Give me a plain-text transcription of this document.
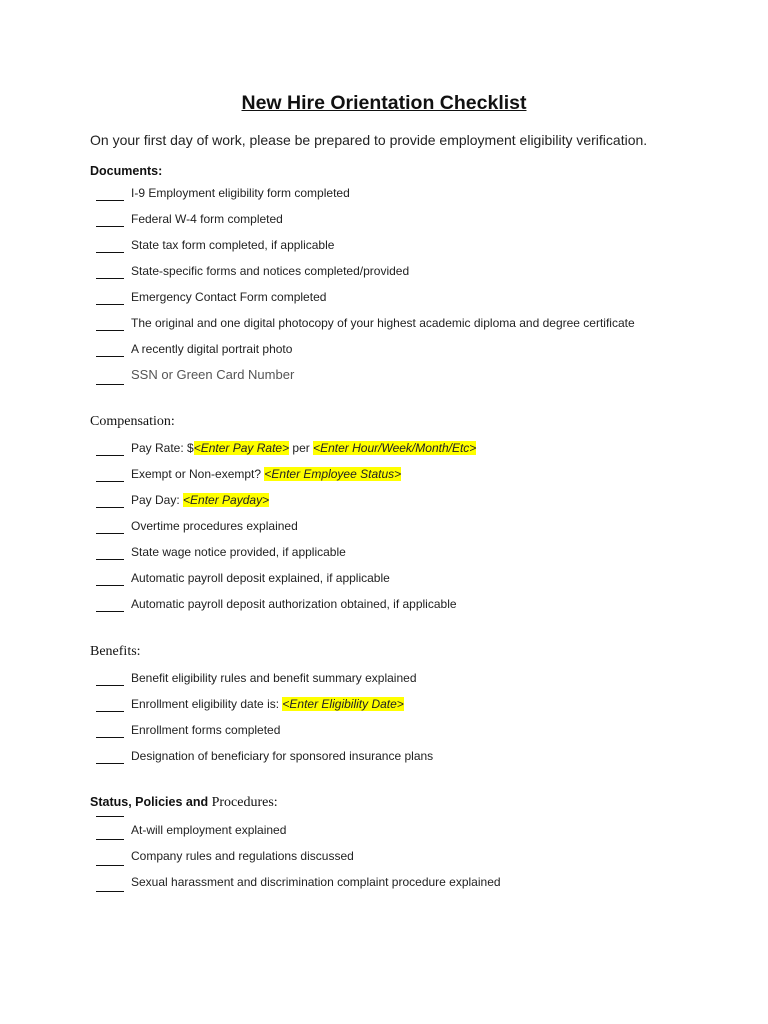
New Hire Orientation Checklist
On your first day of work, please be prepared to provide employment eligibility verification.
Documents:
I-9 Employment eligibility form completed
Federal W-4 form completed
State tax form completed, if applicable
State-specific forms and notices completed/provided
Emergency Contact Form completed
The original and one digital photocopy of your highest academic diploma and degree certificate
A recently digital portrait photo
SSN or Green Card Number
Compensation:
Pay Rate: $<Enter Pay Rate> per <Enter Hour/Week/Month/Etc>
Exempt or Non-exempt? <Enter Employee Status>
Pay Day: <Enter Payday>
Overtime procedures explained
State wage notice provided, if applicable
Automatic payroll deposit explained, if applicable
Automatic payroll deposit authorization obtained, if applicable
Benefits:
Benefit eligibility rules and benefit summary explained
Enrollment eligibility date is: <Enter Eligibility Date>
Enrollment forms completed
Designation of beneficiary for sponsored insurance plans
Status, Policies and Procedures:
At-will employment explained
Company rules and regulations discussed
Sexual harassment and discrimination complaint procedure explained
